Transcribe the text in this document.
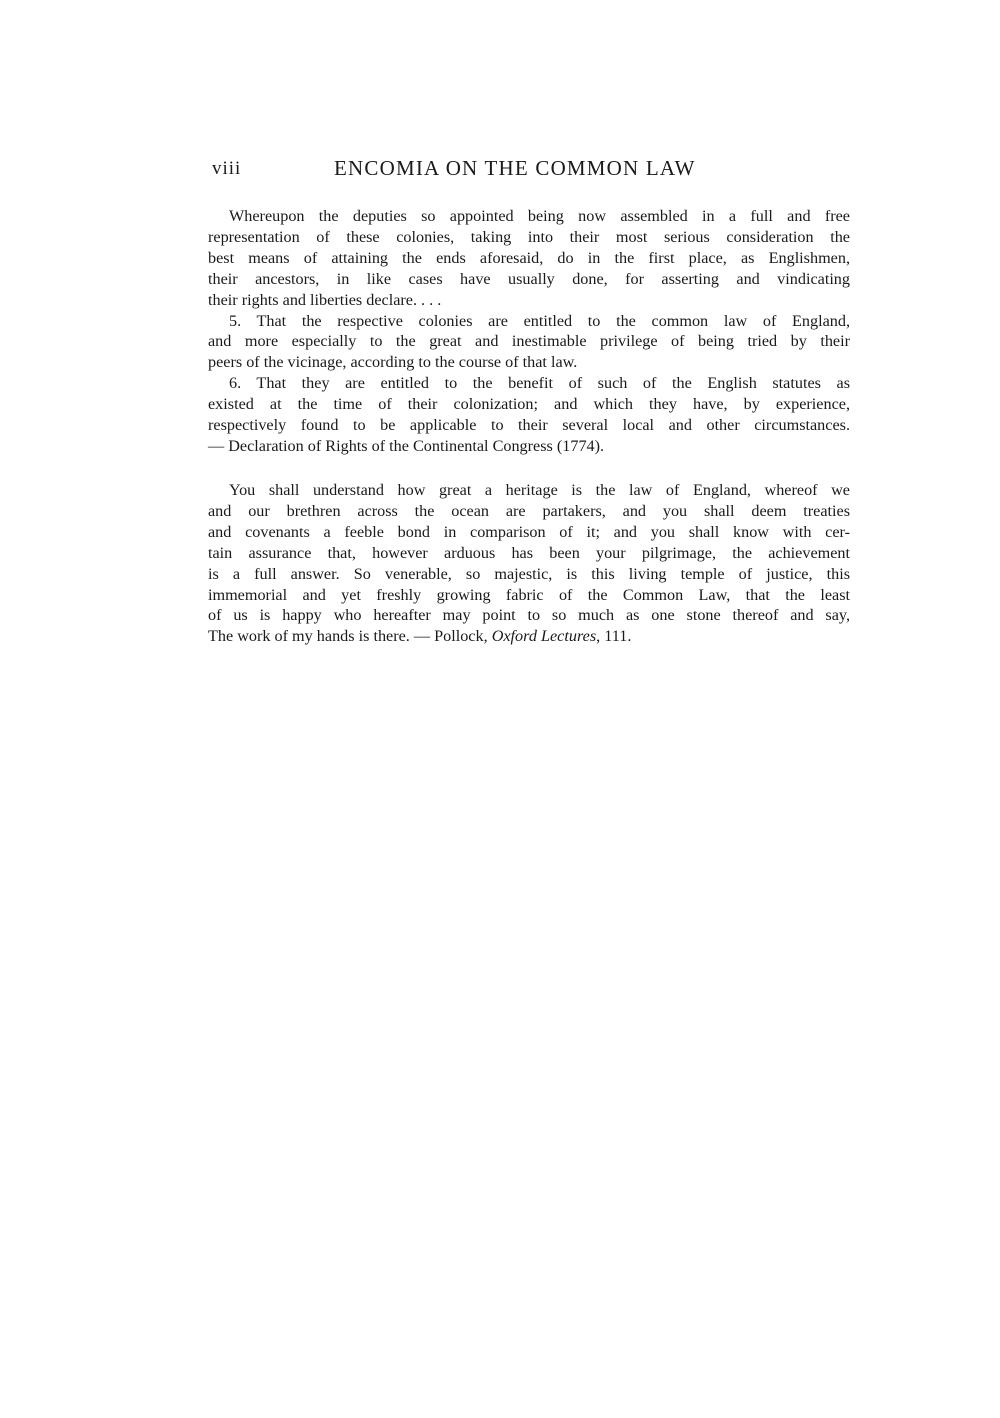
viii	ENCOMIA ON THE COMMON LAW

Whereupon the deputies so appointed being now assembled in a full and free

representation of these colonies, taking into their most serious consideration the

best means of attaining the ends aforesaid, do in the first place, as Englishmen,

their ancestors, in like cases have usually done, for asserting and vindicating

their rights and liberties declare. . . .

5. That the respective colonies are entitled to the common law of England,

and more especially to the great and inestimable privilege of being tried by their

peers of the vicinage, according to the course of that law.

6. That they are entitled to the benefit of such of the English statutes as

existed at the time of their colonization; and which they have, by experience,

respectively found to be applicable to their several local and other circumstances.

— Declaration of Rights of the Continental Congress (1774).

You shall understand how great a heritage is the law of England, whereof we

and our brethren across the ocean are partakers, and you shall deem treaties

and covenants a feeble bond in comparison of it; and you shall know with cer-

tain assurance that, however arduous has been your pilgrimage, the achievement

is a full answer. So venerable, so majestic, is this living temple of justice, this

immemorial and yet freshly growing fabric of the Common Law, that the least

of us is happy who hereafter may point to so much as one stone thereof and say,

The work of my hands is there. — Pollock, Oxford Lectures, 111.
